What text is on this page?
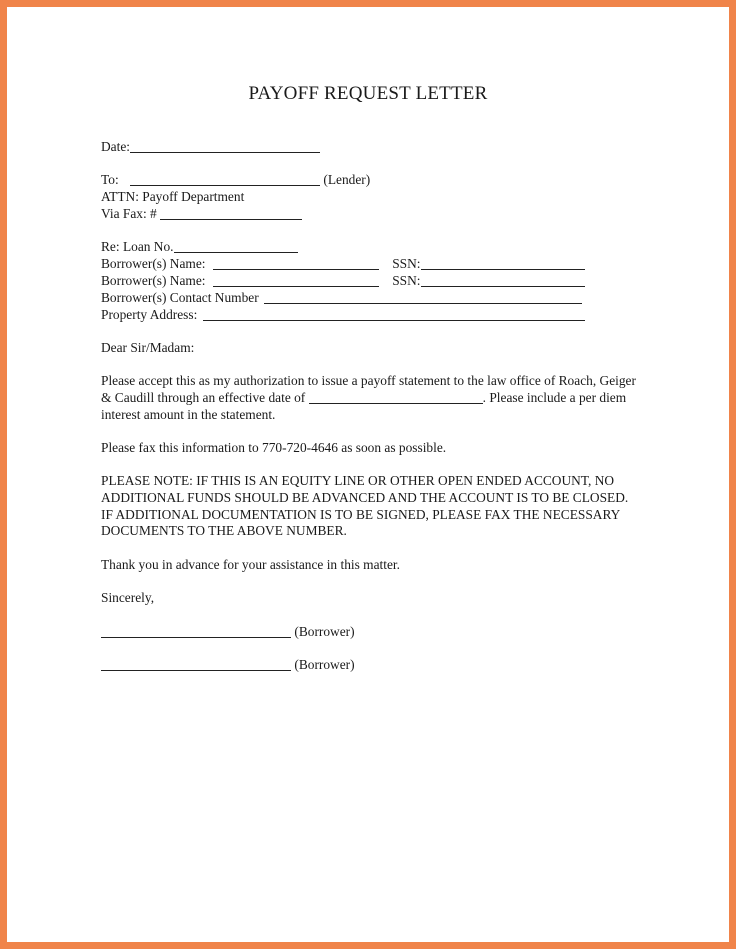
PAYOFF REQUEST LETTER
Date:
To:	(Lender)
ATTN: Payoff Department
Via Fax: #
Re: Loan No.
Borrower(s) Name:	SSN:
Borrower(s) Name:	SSN:
Borrower(s) Contact Number
Property Address:
Dear Sir/Madam:
Please accept this as my authorization to issue a payoff statement to the law office of Roach, Geiger
& Caudill through an effective date of	. Please include a per diem
interest amount in the statement.
Please fax this information to 770-720-4646 as soon as possible.
PLEASE NOTE: IF THIS IS AN EQUITY LINE OR OTHER OPEN ENDED ACCOUNT, NO
ADDITIONAL FUNDS SHOULD BE ADVANCED AND THE ACCOUNT IS TO BE CLOSED.
IF ADDITIONAL DOCUMENTATION IS TO BE SIGNED, PLEASE FAX THE NECESSARY
DOCUMENTS TO THE ABOVE NUMBER.
Thank you in advance for your assistance in this matter.
Sincerely,
(Borrower)
(Borrower)
